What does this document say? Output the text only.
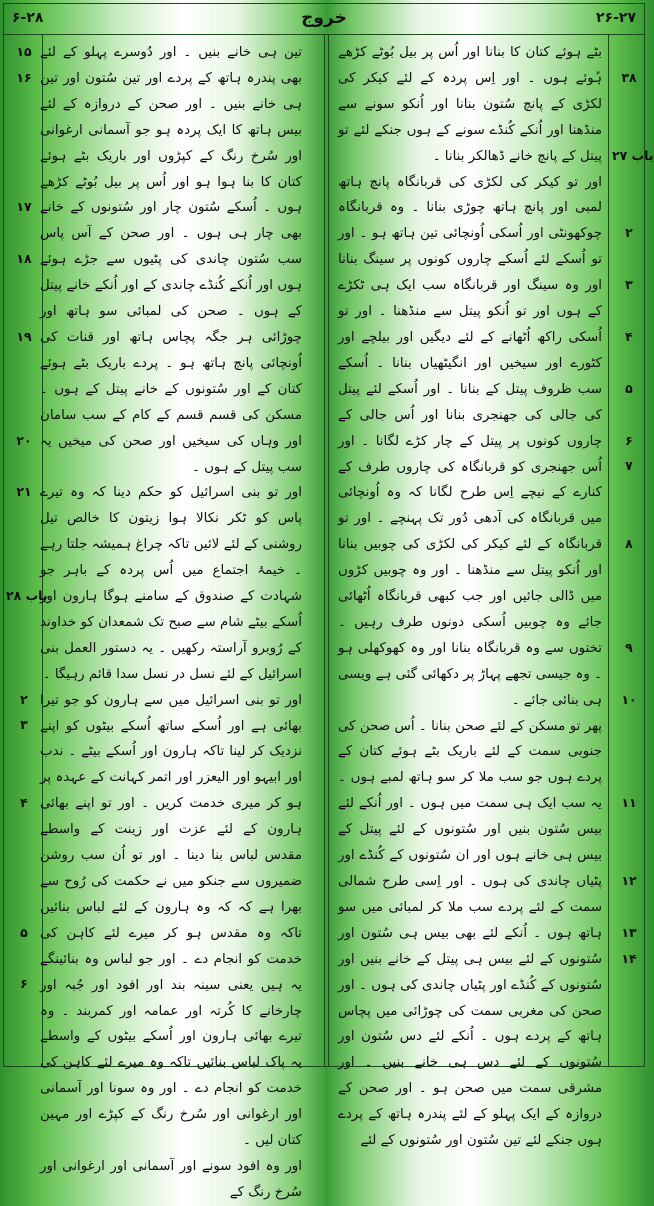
۶-۲۸	خروج	۲۶-۲۷
۳۸
باب ۲۷
۲
۳
۴
۵
۶
۷
۸
۹
۱۰
۱۱
۱۲
۱۳
۱۴

بٹے ہوئے کتان کا بنانا اور اُس پر بیل بُوٹے کڑھے ہُوئے ہوں ۔ اور اِس پردہ کے لئے کیکر کی لکڑی کے پانچ سُتون بنانا اور اُنکو سونے سے منڈھنا اور اُنکے کُنڈے سونے کے ہوں جنکے لئے تو پیتل کے پانچ خانے ڈھالکر بنانا ۔

اور تو کیکر کی لکڑی کی قربانگاہ پانچ ہاتھ لمبی اور پانچ ہاتھ چوڑی بنانا ۔ وہ قربانگاہ چوکھونٹی اور اُسکی اُونچائی تین ہاتھ ہو ۔ اور تو اُسکے لئے اُسکے چاروں کونوں پر سینگ بنانا اور وہ سینگ اور قربانگاہ سب ایک ہی ٹکڑے کے ہوں اور تو اُنکو پیتل سے منڈھنا ۔ اور تو اُسکی راکھ اُٹھانے کے لئے دیگیں اور بیلچے اور کٹورے اور سیخیں اور انگیٹھیاں بنانا ۔ اُسکے سب ظروف پیتل کے بنانا ۔ اور اُسکے لئے پیتل کی جالی کی جھنجری بنانا اور اُس جالی کے چاروں کونوں پر پیتل کے چار کڑے لگانا ۔ اور اُس جھنجری کو قربانگاہ کی چاروں طرف کے کنارے کے نیچے اِس طرح لگانا کہ وہ اُونچائی میں قربانگاہ کی آدھی دُور تک پہنچے ۔ اور تو قربانگاہ کے لئے کیکر کی لکڑی کی چوبیں بنانا اور اُنکو پیتل سے منڈھنا ۔ اور وہ چوبیں کڑوں میں ڈالی جائیں اور جب کبھی قربانگاہ اُٹھائی جائے وہ چوبیں اُسکی دونوں طرف رہیں ۔ تختوں سے وہ قربانگاہ بنانا اور وہ کھوکھلی ہو ۔ وہ جیسی تجھے پہاڑ پر دکھائی گئی ہے ویسی ہی بنائی جائے ۔

پھر تو مسکن کے لئے صحن بنانا ۔ اُس صحن کی جنوبی سمت کے لئے باریک بٹے ہوئے کتان کے پردے ہوں جو سب ملا کر سو ہاتھ لمبے ہوں ۔ یہ سب ایک ہی سمت میں ہوں ۔ اور اُنکے لئے بیس سُتون بنیں اور سُتونوں کے لئے پیتل کے بیس ہی خانے ہوں اور ان سُتونوں کے کُنڈے اور پٹیاں چاندی کی ہوں ۔ اور اِسی طرح شمالی سمت کے لئے پردے سب ملا کر لمبائی میں سو ہاتھ ہوں ۔ اُنکے لئے بھی بیس ہی سُتون اور سُتونوں کے لئے بیس ہی پیتل کے خانے بنیں اور سُتونوں کے کُنڈے اور پٹیاں چاندی کی ہوں ۔ اور صحن کی مغربی سمت کی چوڑائی میں پچاس ہاتھ کے پردے ہوں ۔ اُنکے لئے دس سُتون اور سُتونوں کے لئے دس ہی خانے بنیں ۔ اور مشرقی سمت میں صحن ہو ۔ اور صحن کے دروازہ کے ایک پہلو کے لئے پندرہ ہاتھ کے پردے ہوں جنکے لئے تین سُتون اور سُتونوں کے لئے

تین ہی خانے بنیں ۔ اور دُوسرے پہلو کے لئے بھی پندرہ ہاتھ کے پردے اور تین سُتون اور تین ہی خانے بنیں ۔ اور صحن کے دروازہ کے لئے بیس ہاتھ کا ایک پردہ ہو جو آسمانی ارغوانی اور سُرخ رنگ کے کپڑوں اور باریک بٹے ہوئے کتان کا بنا ہوا ہو اور اُس پر بیل بُوٹے کڑھے ہوں ۔ اُسکے سُتون چار اور سُتونوں کے خانے بھی چار ہی ہوں ۔ اور صحن کے آس پاس سب سُتون چاندی کی پٹیوں سے جڑے ہوئے ہوں اور اُنکے کُنڈے چاندی کے اور اُنکے خانے پیتل کے ہوں ۔ صحن کی لمبائی سو ہاتھ اور چوڑائی ہر جگہ پچاس ہاتھ اور قنات کی اُونچائی پانچ ہاتھ ہو ۔ پردے باریک بٹے ہوئے کتان کے اور سُتونوں کے خانے پیتل کے ہوں ۔ مسکن کی قسم قسم کے کام کے سب سامان اور وہاں کی سیخیں اور صحن کی میخیں یہ سب پیتل کے ہوں ۔

اور تو بنی اسرائیل کو حکم دینا کہ وہ تیرے پاس کو ٹکر نکالا ہوا زیتون کا خالص تیل روشنی کے لئے لائیں تاکہ چراغ ہمیشہ جلتا رہے ۔ خیمۂ اجتماع میں اُس پردہ کے باہر جو شہادت کے صندوق کے سامنے ہوگا ہارون اور اُسکے بیٹے شام سے صبح تک شمعدان کو خداوند کے رُوبرو آراستہ رکھیں ۔ یہ دستور العمل بنی اسرائیل کے لئے نسل در نسل سدا قائم رہیگا ۔

اور تو بنی اسرائیل میں سے ہارون کو جو تیرا بھائی ہے اور اُسکے ساتھ اُسکے بیٹوں کو اپنے نزدیک کر لینا تاکہ ہارون اور اُسکے بیٹے ۔ ندب اور ابیہو اور الیعزر اور اتمر کہانت کے عہدہ پر ہو کر میری خدمت کریں ۔ اور تو اپنے بھائی ہارون کے لئے عزت اور زینت کے واسطے مقدس لباس بنا دینا ۔ اور تو اُن سب روشن ضمیروں سے جنکو میں نے حکمت کی رُوح سے بھرا ہے کہ کہ وہ ہارون کے لئے لباس بنائیں تاکہ وہ مقدس ہو کر میرے لئے کاہن کی خدمت کو انجام دے ۔ اور جو لباس وہ بنائینگے یہ ہیں یعنی سینہ بند اور افود اور جُبہ اور چارخانے کا کُرتہ اور عمامہ اور کمربند ۔ وہ تیرے بھائی ہارون اور اُسکے بیٹوں کے واسطے یہ پاک لباس بنائیں تاکہ وہ میرے لئے کاہن کی خدمت کو انجام دے ۔ اور وہ سونا اور آسمانی اور ارغوانی اور سُرخ رنگ کے کپڑے اور مہین کتان لیں ۔

اور وہ افود سونے اور آسمانی اور ارغوانی اور سُرخ رنگ کے

۱۵
۱۶
۱۷
۱۸
۱۹
۲۰
۲۱
باب ۲۸
۲
۳
۴
۵
۶
